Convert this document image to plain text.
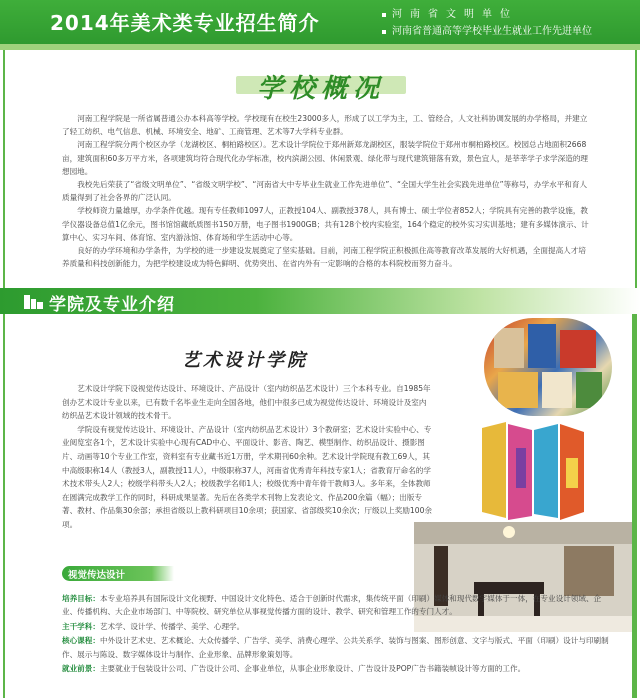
2014年美术类专业招生简介	河南省文明单位
河南省普通高等学校毕业生就业工作先进单位
学校概况

河南工程学院是一所省属普通公办本科高等学校。学校现有在校生23000多人，形成了以工学为主，工、管经合，人文社科协调发展的办学格局，并建立了轻工纺织、电气信息、机械、环境安全、地矿、工商管理、艺术等7大学科专业群。

河南工程学院分两个校区办学（龙湖校区、桐柏路校区）。艺术设计学院位于郑州新郑龙湖校区，服装学院位于郑州市桐柏路校区。校园总占地面积2668亩，建筑面积60多万平方米，各项建筑均符合现代化办学标准，校内滨湖公园、休闲景观、绿化带与现代建筑错落有致，景色宜人，是莘莘学子求学深造的理想园地。

我校先后荣获了“省级文明单位”、“省级文明学校”、“河南省大中专毕业生就业工作先进单位”、“全国大学生社会实践先进单位”等称号，办学水平和育人质量得到了社会各界的广泛认同。

学校师资力量雄厚，办学条件优越。现有专任教师1097人，正教授104人、副教授378人，具有博士、硕士学位者852人；学院具有完善的教学设施，教学仪器设备总值1亿余元，图书馆馆藏纸质图书150万册，电子图书1900GB；共有128个校内实验室，164个稳定的校外实习实训基地；建有多媒体演示、计算中心、实习车间、体育馆、室内游泳馆、体育场和学生活动中心等。

良好的办学环境和办学条件，为学校的进一步建设发展奠定了坚实基础。目前，河南工程学院正积极抓住高等教育改革发展的大好机遇，全面提高人才培养质量和科技创新能力，为把学校建设成为特色鲜明、优势突出、在省内外有一定影响的合格的本科院校而努力奋斗。

学院及专业介绍
艺术设计学院

艺术设计学院下设视觉传达设计、环境设计、产品设计（室内纺织品艺术设计）三个本科专业。自1985年创办艺术设计专业以来，已有数千名毕业生走向全国各地，他们中很多已成为视觉传达设计、环境设计及室内纺织品艺术设计领域的技术骨干。

学院设有视觉传达设计、环境设计、产品设计（室内纺织品艺术设计）3个教研室；艺术设计实验中心、专业阅览室各1个，艺术设计实验中心现有CAD中心、平面设计、影音、陶艺、模型制作、纺织品设计、摄影图片、动画等10个专业工作室，资料室有专业藏书近1万册，学术期刊60余种。艺术设计学院现有教工69人，其中高级职称14人（教授3人，副教授11人），中级职称37人，河南省优秀青年科技专家1人；省教育厅命名的学术技术带头人2人；校级学科带头人2人；校级教学名师1人；校级优秀中青年骨干教师3人。多年来，全体教师在圆满完成教学工作的同时，科研成果显著。先后在各类学术刊物上发表论文、作品200余篇（幅）；出版专著、教材、作品集30余部；承担省级以上教科研项目10余项；获国家、省部级奖10余次；厅级以上奖励100余项。

视觉传达设计
培养目标：本专业培养具有国际设计文化视野、中国设计文化特色、适合于创新时代需求，集传统平面（印刷）媒体和现代数字媒体于一体，在专业设计领域、企业、传播机构、大企业市场部门、中等院校、研究单位从事视觉传播方面的设计、教学、研究和管理工作的专门人才。
主干学科：艺术学、设计学、传播学、美学、心理学。
核心课程：中外设计艺术史、艺术概论、大众传播学、广告学、美学、消费心理学、公共关系学、装饰与图案、图形创意、文字与版式、平面（印刷）设计与印刷制作、展示与陈设、数字媒体设计与制作、企业形象、品牌形象策划等。
就业前景：主要就业于包装设计公司、广告设计公司、企事业单位，从事企业形象设计、广告设计及POP广告书籍装帧设计等方面的工作。
